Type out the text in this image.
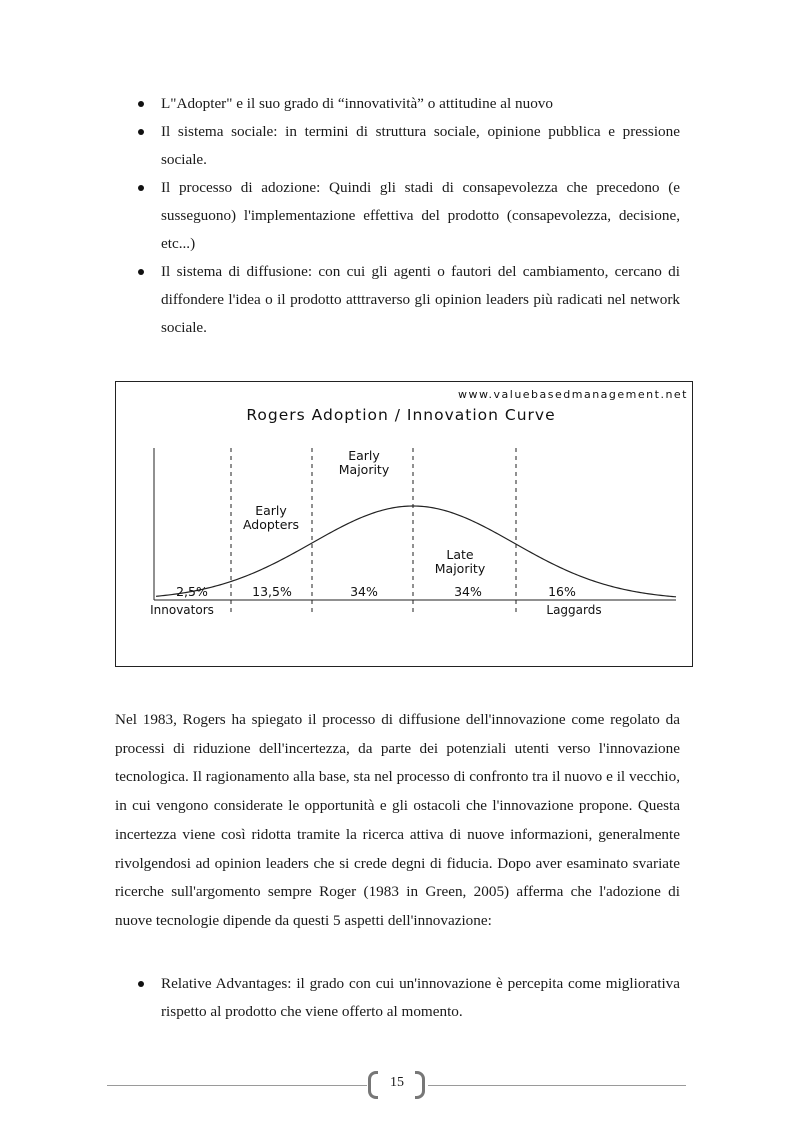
L"Adopter" e il suo grado di “innovatività” o attitudine al nuovo
Il sistema sociale: in termini di struttura sociale, opinione pubblica e pressione sociale.
Il processo di adozione: Quindi gli stadi di consapevolezza che precedono (e susseguono) l'implementazione effettiva del prodotto (consapevolezza, decisione, etc...)
Il sistema di diffusione: con cui gli agenti o fautori del cambiamento, cercano di diffondere l'idea o il prodotto atttraverso gli opinion leaders più radicati nel network sociale.
www.valuebasedmanagement.net
Rogers Adoption / Innovation Curve
Early
Majority
Early
Adopters
Late
Majority
2,5%	13,5%	34%	34%	16%
Innovators	Laggards

Nel 1983, Rogers ha spiegato il processo di diffusione dell'innovazione come regolato da processi di riduzione dell'incertezza, da parte dei potenziali utenti verso l'innovazione tecnologica. Il ragionamento alla base, sta nel processo di confronto tra il nuovo e il vecchio, in cui vengono considerate le opportunità e gli ostacoli che l'innovazione propone. Questa incertezza viene così ridotta tramite la ricerca attiva di nuove informazioni, generalmente rivolgendosi ad opinion leaders che si crede degni di fiducia. Dopo aver esaminato svariate ricerche sull'argomento sempre Roger (1983 in Green, 2005) afferma che l'adozione di nuove tecnologie dipende da questi 5 aspetti dell'innovazione:

Relative Advantages: il grado con cui un'innovazione è percepita come migliorativa rispetto al prodotto che viene offerto al momento.
15
